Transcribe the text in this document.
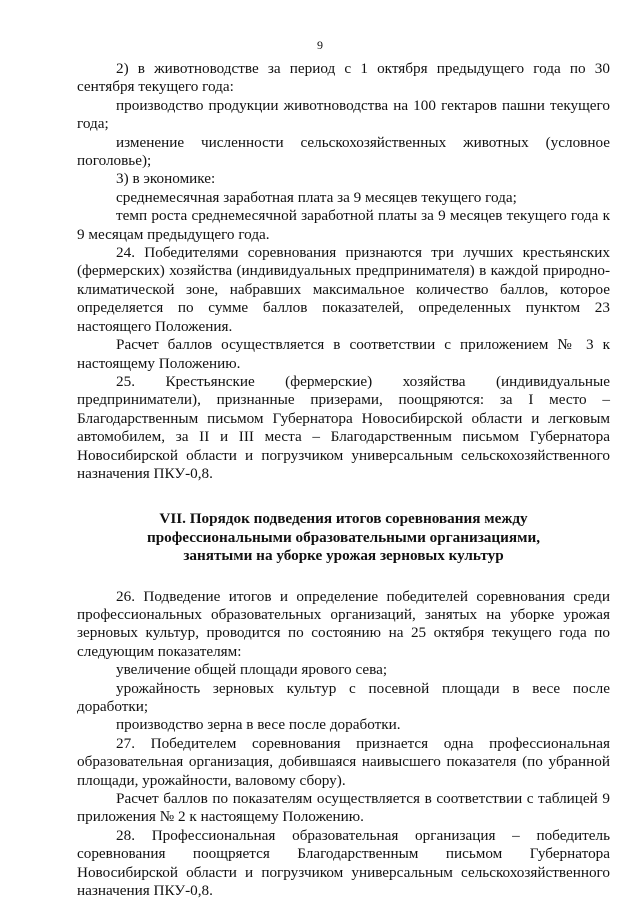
9

2) в животноводстве за период с 1 октября предыдущего года по 30 сентября текущего года:

производство продукции животноводства на 100 гектаров пашни текущего года;

изменение численности сельскохозяйственных животных (условное поголовье);

3) в экономике:

среднемесячная заработная плата за 9 месяцев текущего года;

темп роста среднемесячной заработной платы за 9 месяцев текущего года к 9 месяцам предыдущего года.

24. Победителями соревнования признаются три лучших крестьянских (фермерских) хозяйства (индивидуальных предпринимателя) в каждой природно-климатической зоне, набравших максимальное количество баллов, которое определяется по сумме баллов показателей, определенных пунктом 23 настоящего Положения.

Расчет баллов осуществляется в соответствии с приложением № 3 к настоящему Положению.

25. Крестьянские (фермерские) хозяйства (индивидуальные предприниматели), признанные призерами, поощряются: за I место – Благодарственным письмом Губернатора Новосибирской области и легковым автомобилем, за II и III места – Благодарственным письмом Губернатора Новосибирской области и погрузчиком универсальным сельскохозяйственного назначения ПКУ-0,8.

VII. Порядок подведения итогов соревнования между
профессиональными образовательными организациями,
занятыми на уборке урожая зерновых культур

26. Подведение итогов и определение победителей соревнования среди профессиональных образовательных организаций, занятых на уборке урожая зерновых культур, проводится по состоянию на 25 октября текущего года по следующим показателям:

увеличение общей площади ярового сева;

урожайность зерновых культур с посевной площади в весе после доработки;

производство зерна в весе после доработки.

27. Победителем соревнования признается одна профессиональная образовательная организация, добившаяся наивысшего показателя (по убранной площади, урожайности, валовому сбору).

Расчет баллов по показателям осуществляется в соответствии с таблицей 9 приложения № 2 к настоящему Положению.

28. Профессиональная образовательная организация – победитель соревнования поощряется Благодарственным письмом Губернатора Новосибирской области и погрузчиком универсальным сельскохозяйственного назначения ПКУ-0,8.
